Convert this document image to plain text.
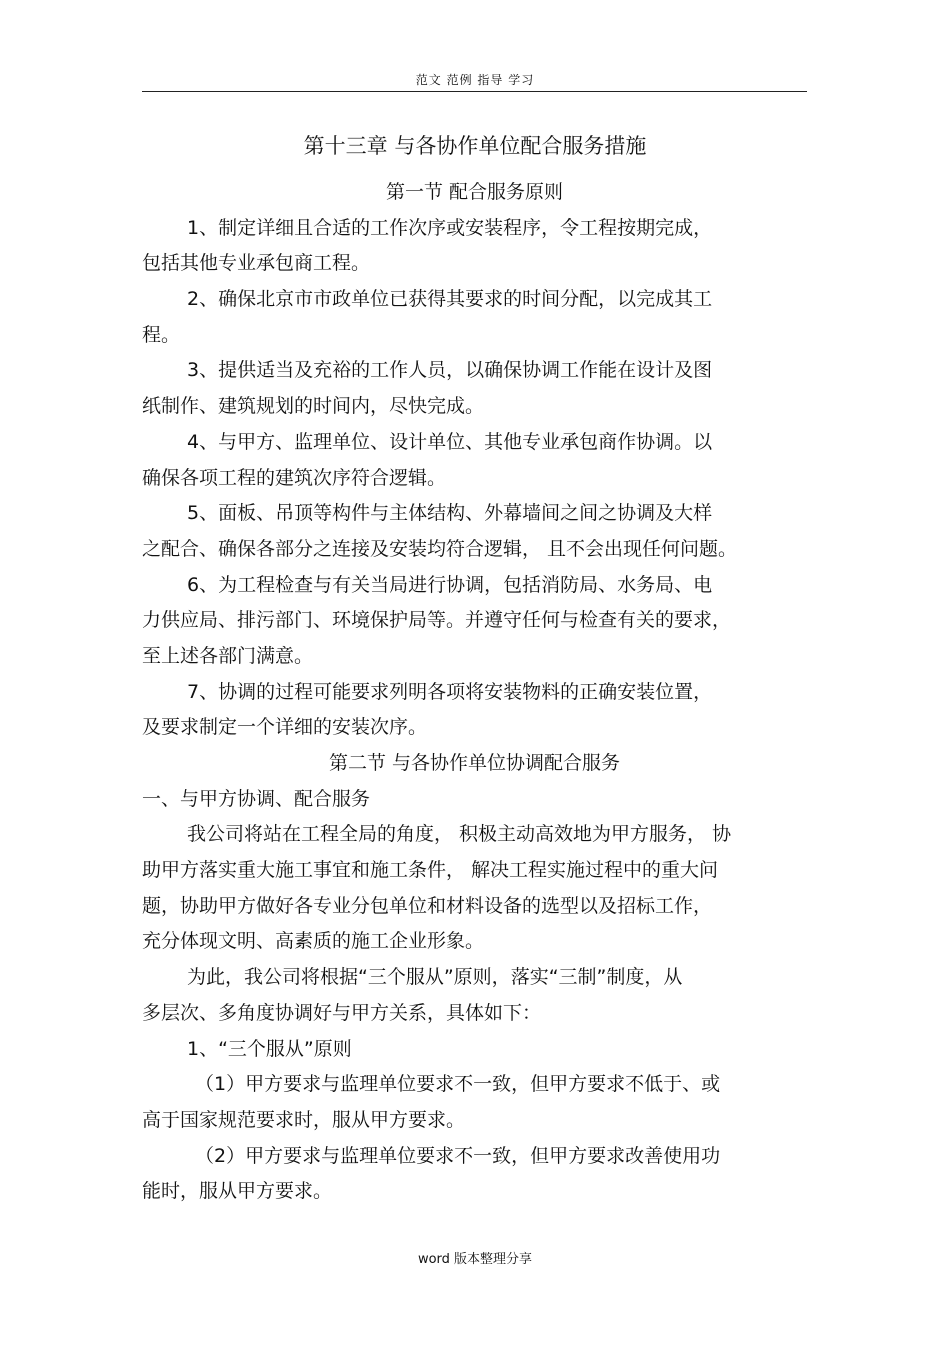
范文 范例 指导 学习
第十三章 与各协作单位配合服务措施
第一节 配合服务原则
1、制定详细且合适的工作次序或安装程序，令工程按期完成，
包括其他专业承包商工程。
2、确保北京市市政单位已获得其要求的时间分配，以完成其工
程。
3、提供适当及充裕的工作人员，以确保协调工作能在设计及图
纸制作、建筑规划的时间内，尽快完成。
4、与甲方、监理单位、设计单位、其他专业承包商作协调。以
确保各项工程的建筑次序符合逻辑。
5、面板、吊顶等构件与主体结构、外幕墙间之间之协调及大样
之配合、确保各部分之连接及安装均符合逻辑， 且不会出现任何问题。
6、为工程检查与有关当局进行协调，包括消防局、水务局、电
力供应局、排污部门、环境保护局等。并遵守任何与检查有关的要求，
至上述各部门满意。
7、协调的过程可能要求列明各项将安装物料的正确安装位置，
及要求制定一个详细的安装次序。
第二节 与各协作单位协调配合服务
一、与甲方协调、配合服务
我公司将站在工程全局的角度， 积极主动高效地为甲方服务， 协
助甲方落实重大施工事宜和施工条件， 解决工程实施过程中的重大问
题，协助甲方做好各专业分包单位和材料设备的选型以及招标工作，
充分体现文明、高素质的施工企业形象。
为此，我公司将根据“三个服从”原则，落实“三制”制度，从
多层次、多角度协调好与甲方关系，具体如下：
1、“三个服从”原则
（1）甲方要求与监理单位要求不一致，但甲方要求不低于、或
高于国家规范要求时，服从甲方要求。
（2）甲方要求与监理单位要求不一致，但甲方要求改善使用功
能时，服从甲方要求。
word 版本整理分享
